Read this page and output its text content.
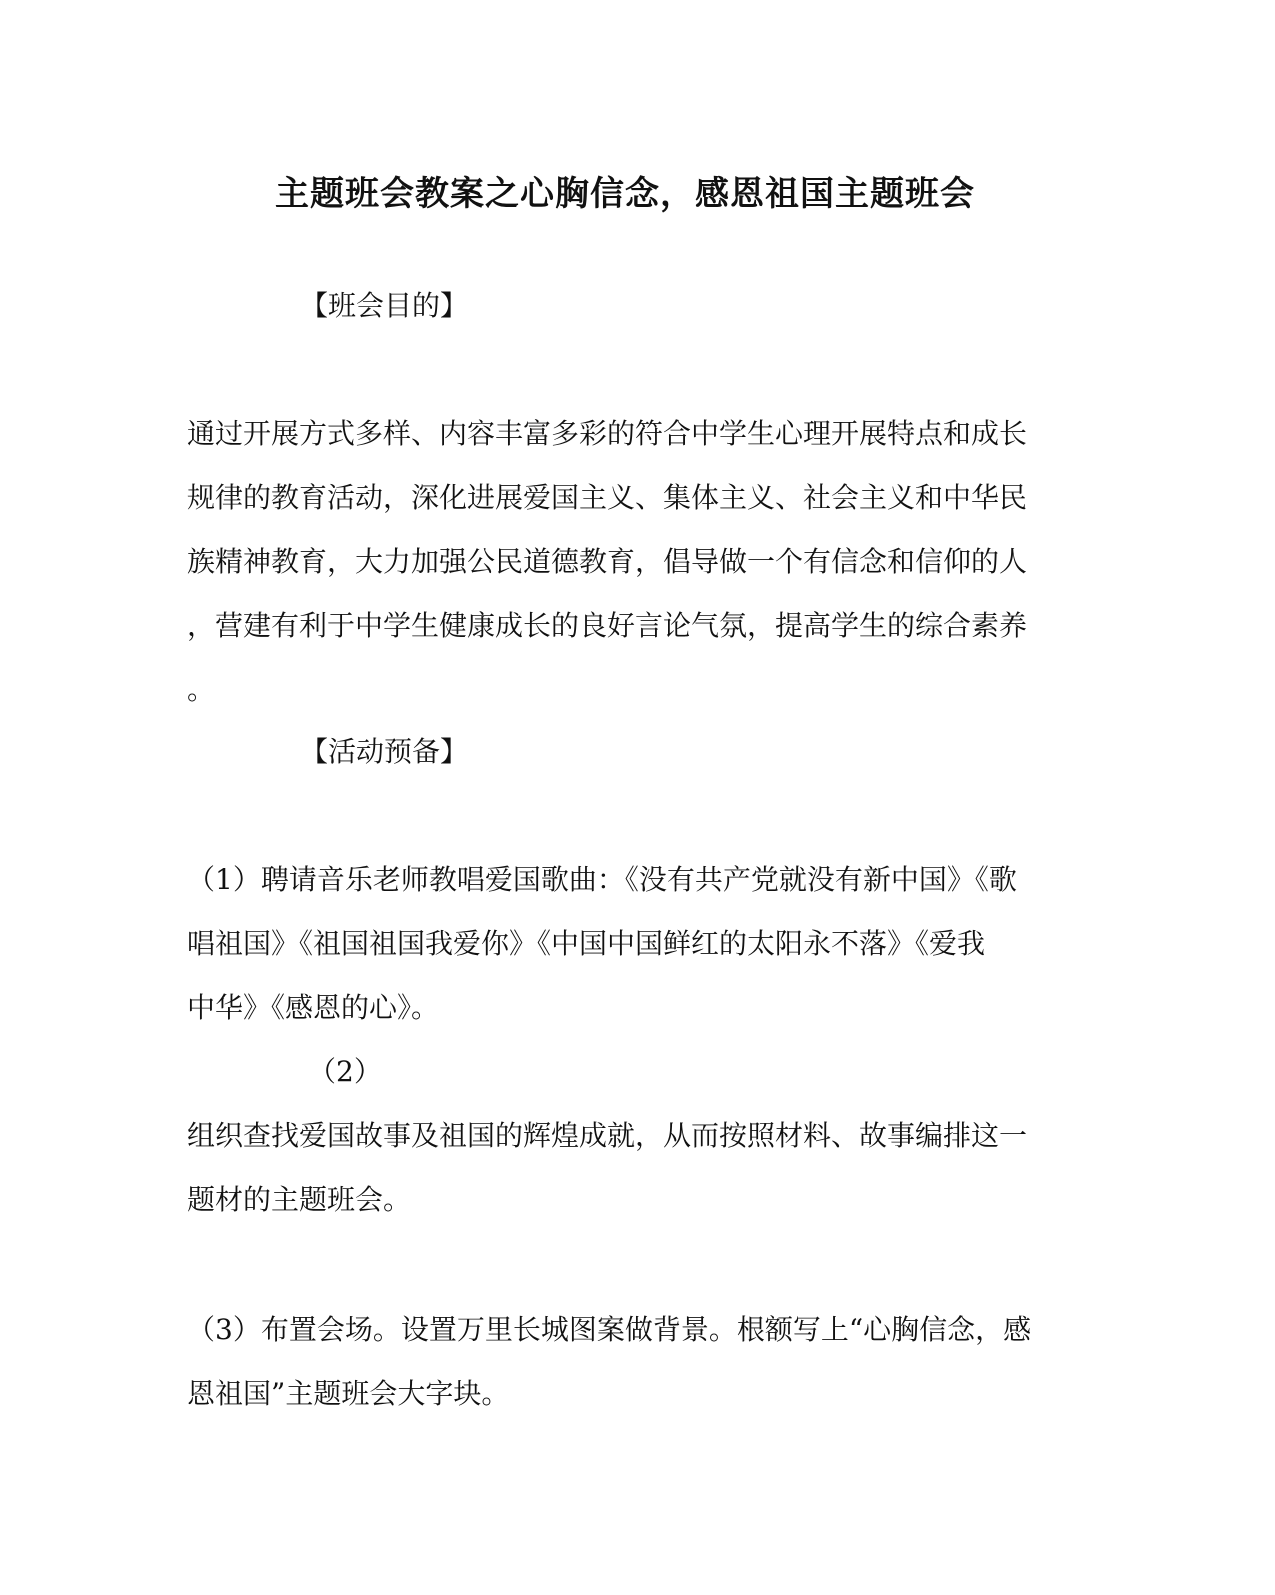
主题班会教案之心胸信念，感恩祖国主题班会
【班会目的】
通过开展方式多样、内容丰富多彩的符合中学生心理开展特点和成长
规律的教育活动，深化进展爱国主义、集体主义、社会主义和中华民
族精神教育，大力加强公民道德教育，倡导做一个有信念和信仰的人
，营建有利于中学生健康成长的良好言论气氛，提高学生的综合素养
。
【活动预备】
（1）聘请音乐老师教唱爱国歌曲：《没有共产党就没有新中国》《歌
唱祖国》《祖国祖国我爱你》《中国中国鲜红的太阳永不落》《爱我
中华》《感恩的心》。
（2）
组织查找爱国故事及祖国的辉煌成就，从而按照材料、故事编排这一
题材的主题班会。
（3）布置会场。设置万里长城图案做背景。根额写上“心胸信念，感
恩祖国”主题班会大字块。
